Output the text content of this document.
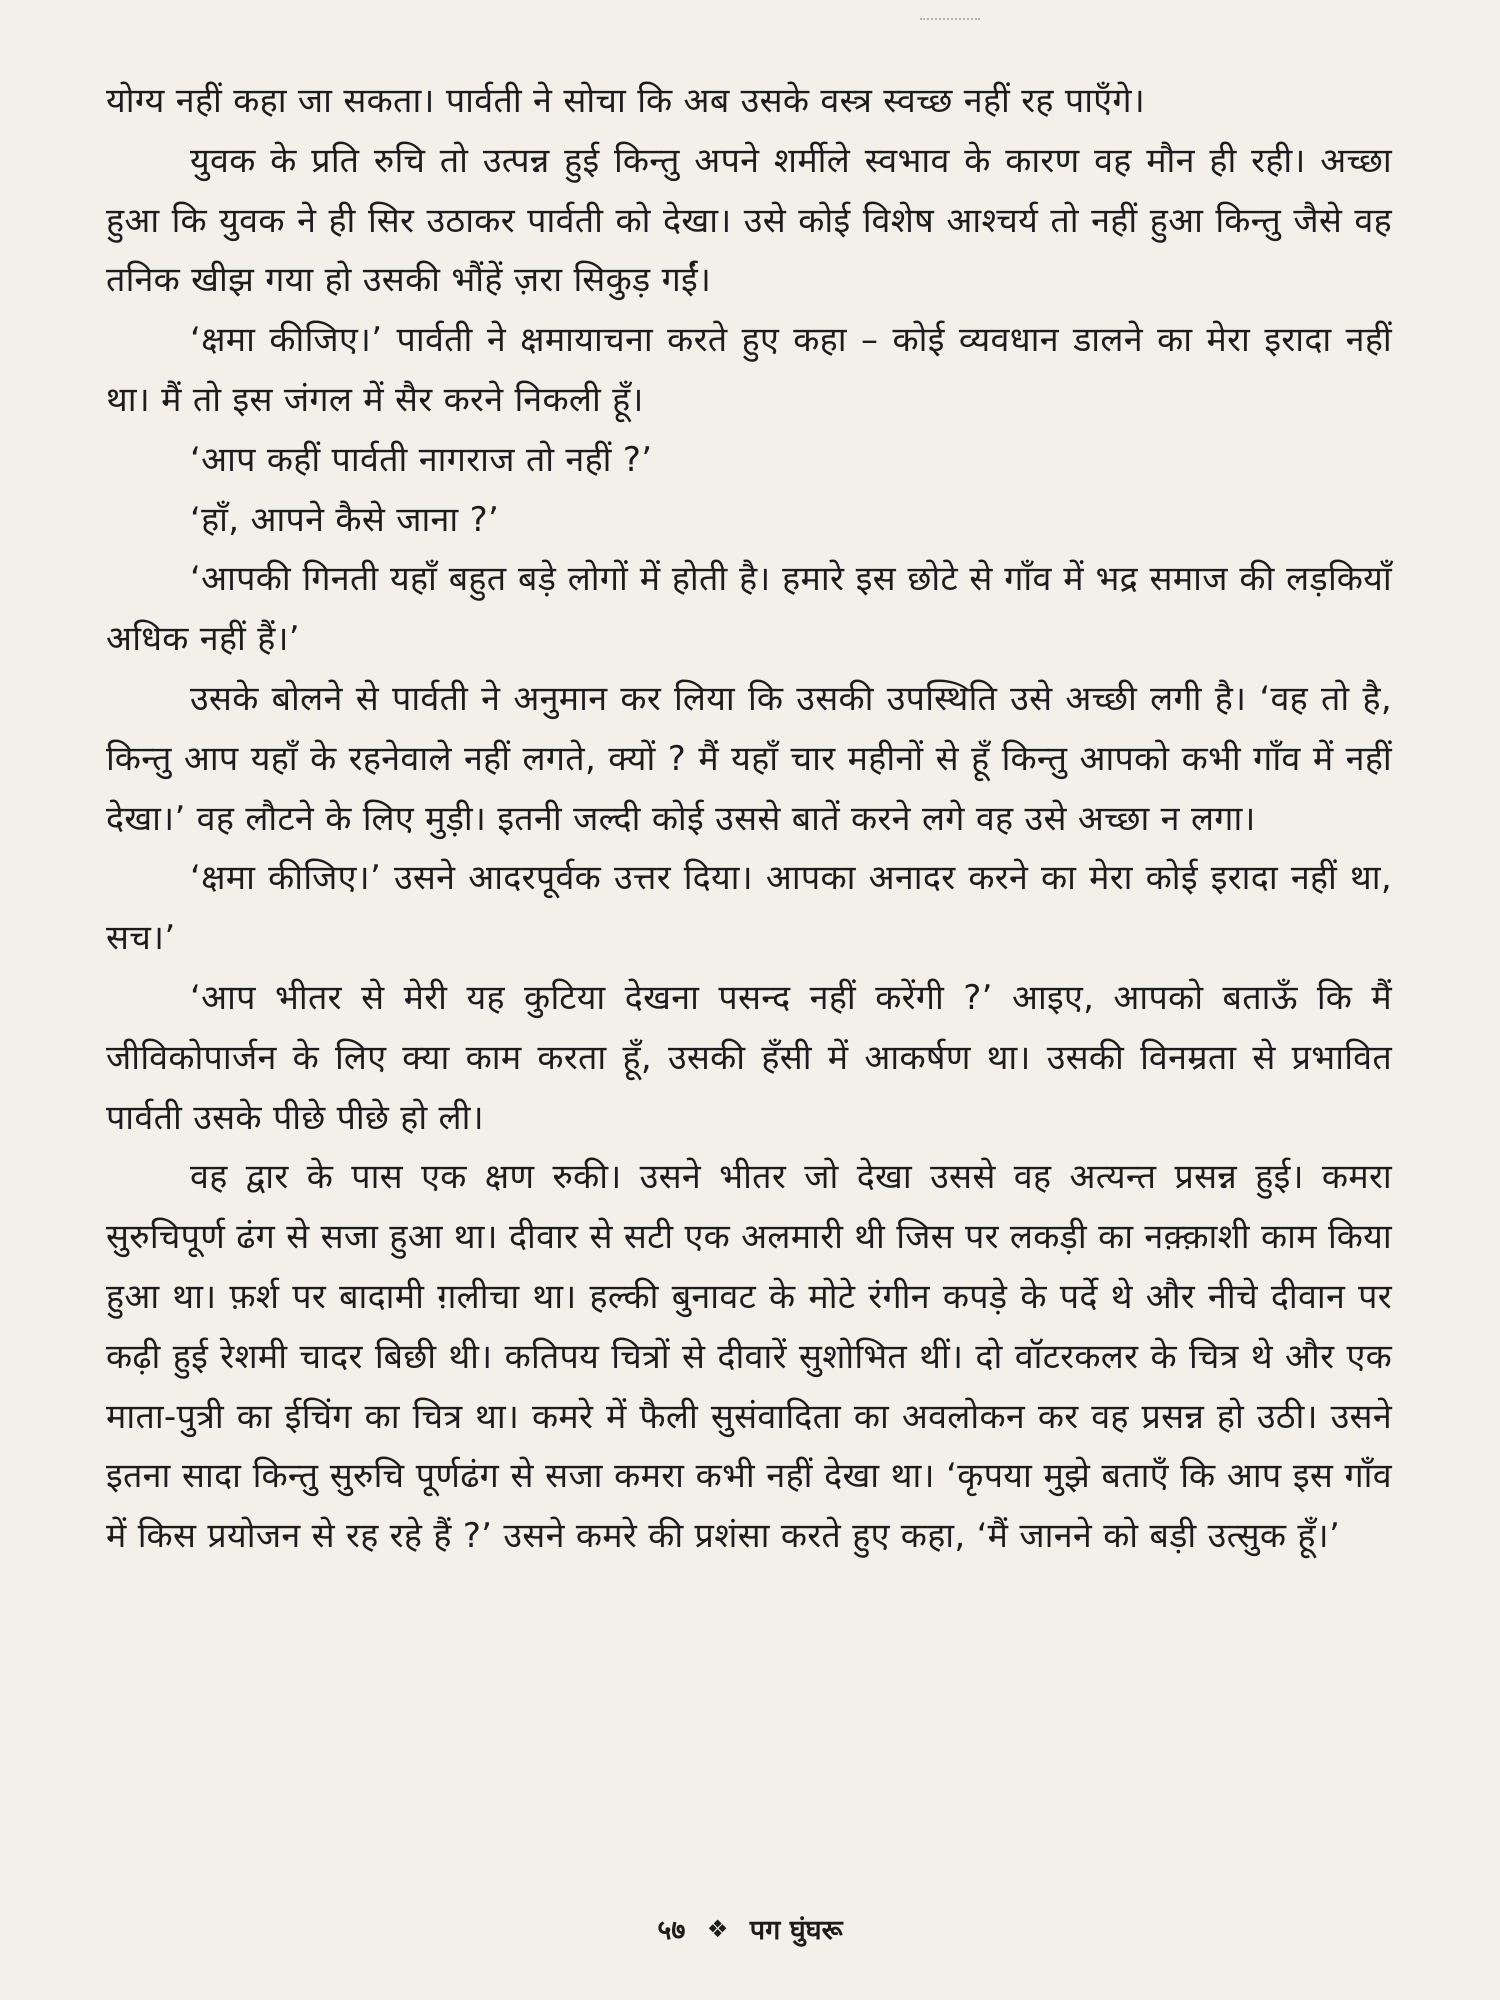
योग्य नहीं कहा जा सकता। पार्वती ने सोचा कि अब उसके वस्त्र स्वच्छ नहीं रह पाएँगे।

युवक के प्रति रुचि तो उत्पन्न हुई किन्तु अपने शर्मीले स्वभाव के कारण वह मौन ही रही। अच्छा हुआ कि युवक ने ही सिर उठाकर पार्वती को देखा। उसे कोई विशेष आश्चर्य तो नहीं हुआ किन्तु जैसे वह तनिक खीझ गया हो उसकी भौंहें ज़रा सिकुड़ गईं।

‘क्षमा कीजिए।’ पार्वती ने क्षमायाचना करते हुए कहा – कोई व्यवधान डालने का मेरा इरादा नहीं था। मैं तो इस जंगल में सैर करने निकली हूँ।

‘आप कहीं पार्वती नागराज तो नहीं ?’

‘हाँ, आपने कैसे जाना ?’

‘आपकी गिनती यहाँ बहुत बड़े लोगों में होती है। हमारे इस छोटे से गाँव में भद्र समाज की लड़कियाँ अधिक नहीं हैं।’

उसके बोलने से पार्वती ने अनुमान कर लिया कि उसकी उपस्थिति उसे अच्छी लगी है। ‘वह तो है, किन्तु आप यहाँ के रहनेवाले नहीं लगते, क्यों ? मैं यहाँ चार महीनों से हूँ किन्तु आपको कभी गाँव में नहीं देखा।’ वह लौटने के लिए मुड़ी। इतनी जल्दी कोई उससे बातें करने लगे वह उसे अच्छा न लगा।

‘क्षमा कीजिए।’ उसने आदरपूर्वक उत्तर दिया। आपका अनादर करने का मेरा कोई इरादा नहीं था, सच।’

‘आप भीतर से मेरी यह कुटिया देखना पसन्द नहीं करेंगी ?’ आइए, आपको बताऊँ कि मैं जीविकोपार्जन के लिए क्या काम करता हूँ, उसकी हँसी में आकर्षण था। उसकी विनम्रता से प्रभावित पार्वती उसके पीछे पीछे हो ली।

वह द्वार के पास एक क्षण रुकी। उसने भीतर जो देखा उससे वह अत्यन्त प्रसन्न हुई। कमरा सुरुचिपूर्ण ढंग से सजा हुआ था। दीवार से सटी एक अलमारी थी जिस पर लकड़ी का नक़्क़ाशी काम किया हुआ था। फ़र्श पर बादामी ग़लीचा था। हल्की बुनावट के मोटे रंगीन कपड़े के पर्दे थे और नीचे दीवान पर कढ़ी हुई रेशमी चादर बिछी थी। कतिपय चित्रों से दीवारें सुशोभित थीं। दो वॉटरकलर के चित्र थे और एक माता-पुत्री का ईचिंग का चित्र था। कमरे में फैली सुसंवादिता का अवलोकन कर वह प्रसन्न हो उठी। उसने इतना सादा किन्तु सुरुचि पूर्णढंग से सजा कमरा कभी नहीं देखा था। ‘कृपया मुझे बताएँ कि आप इस गाँव में किस प्रयोजन से रह रहे हैं ?’ उसने कमरे की प्रशंसा करते हुए कहा, ‘मैं जानने को बड़ी उत्सुक हूँ।’

५७ ❖ पग घुंघरू
